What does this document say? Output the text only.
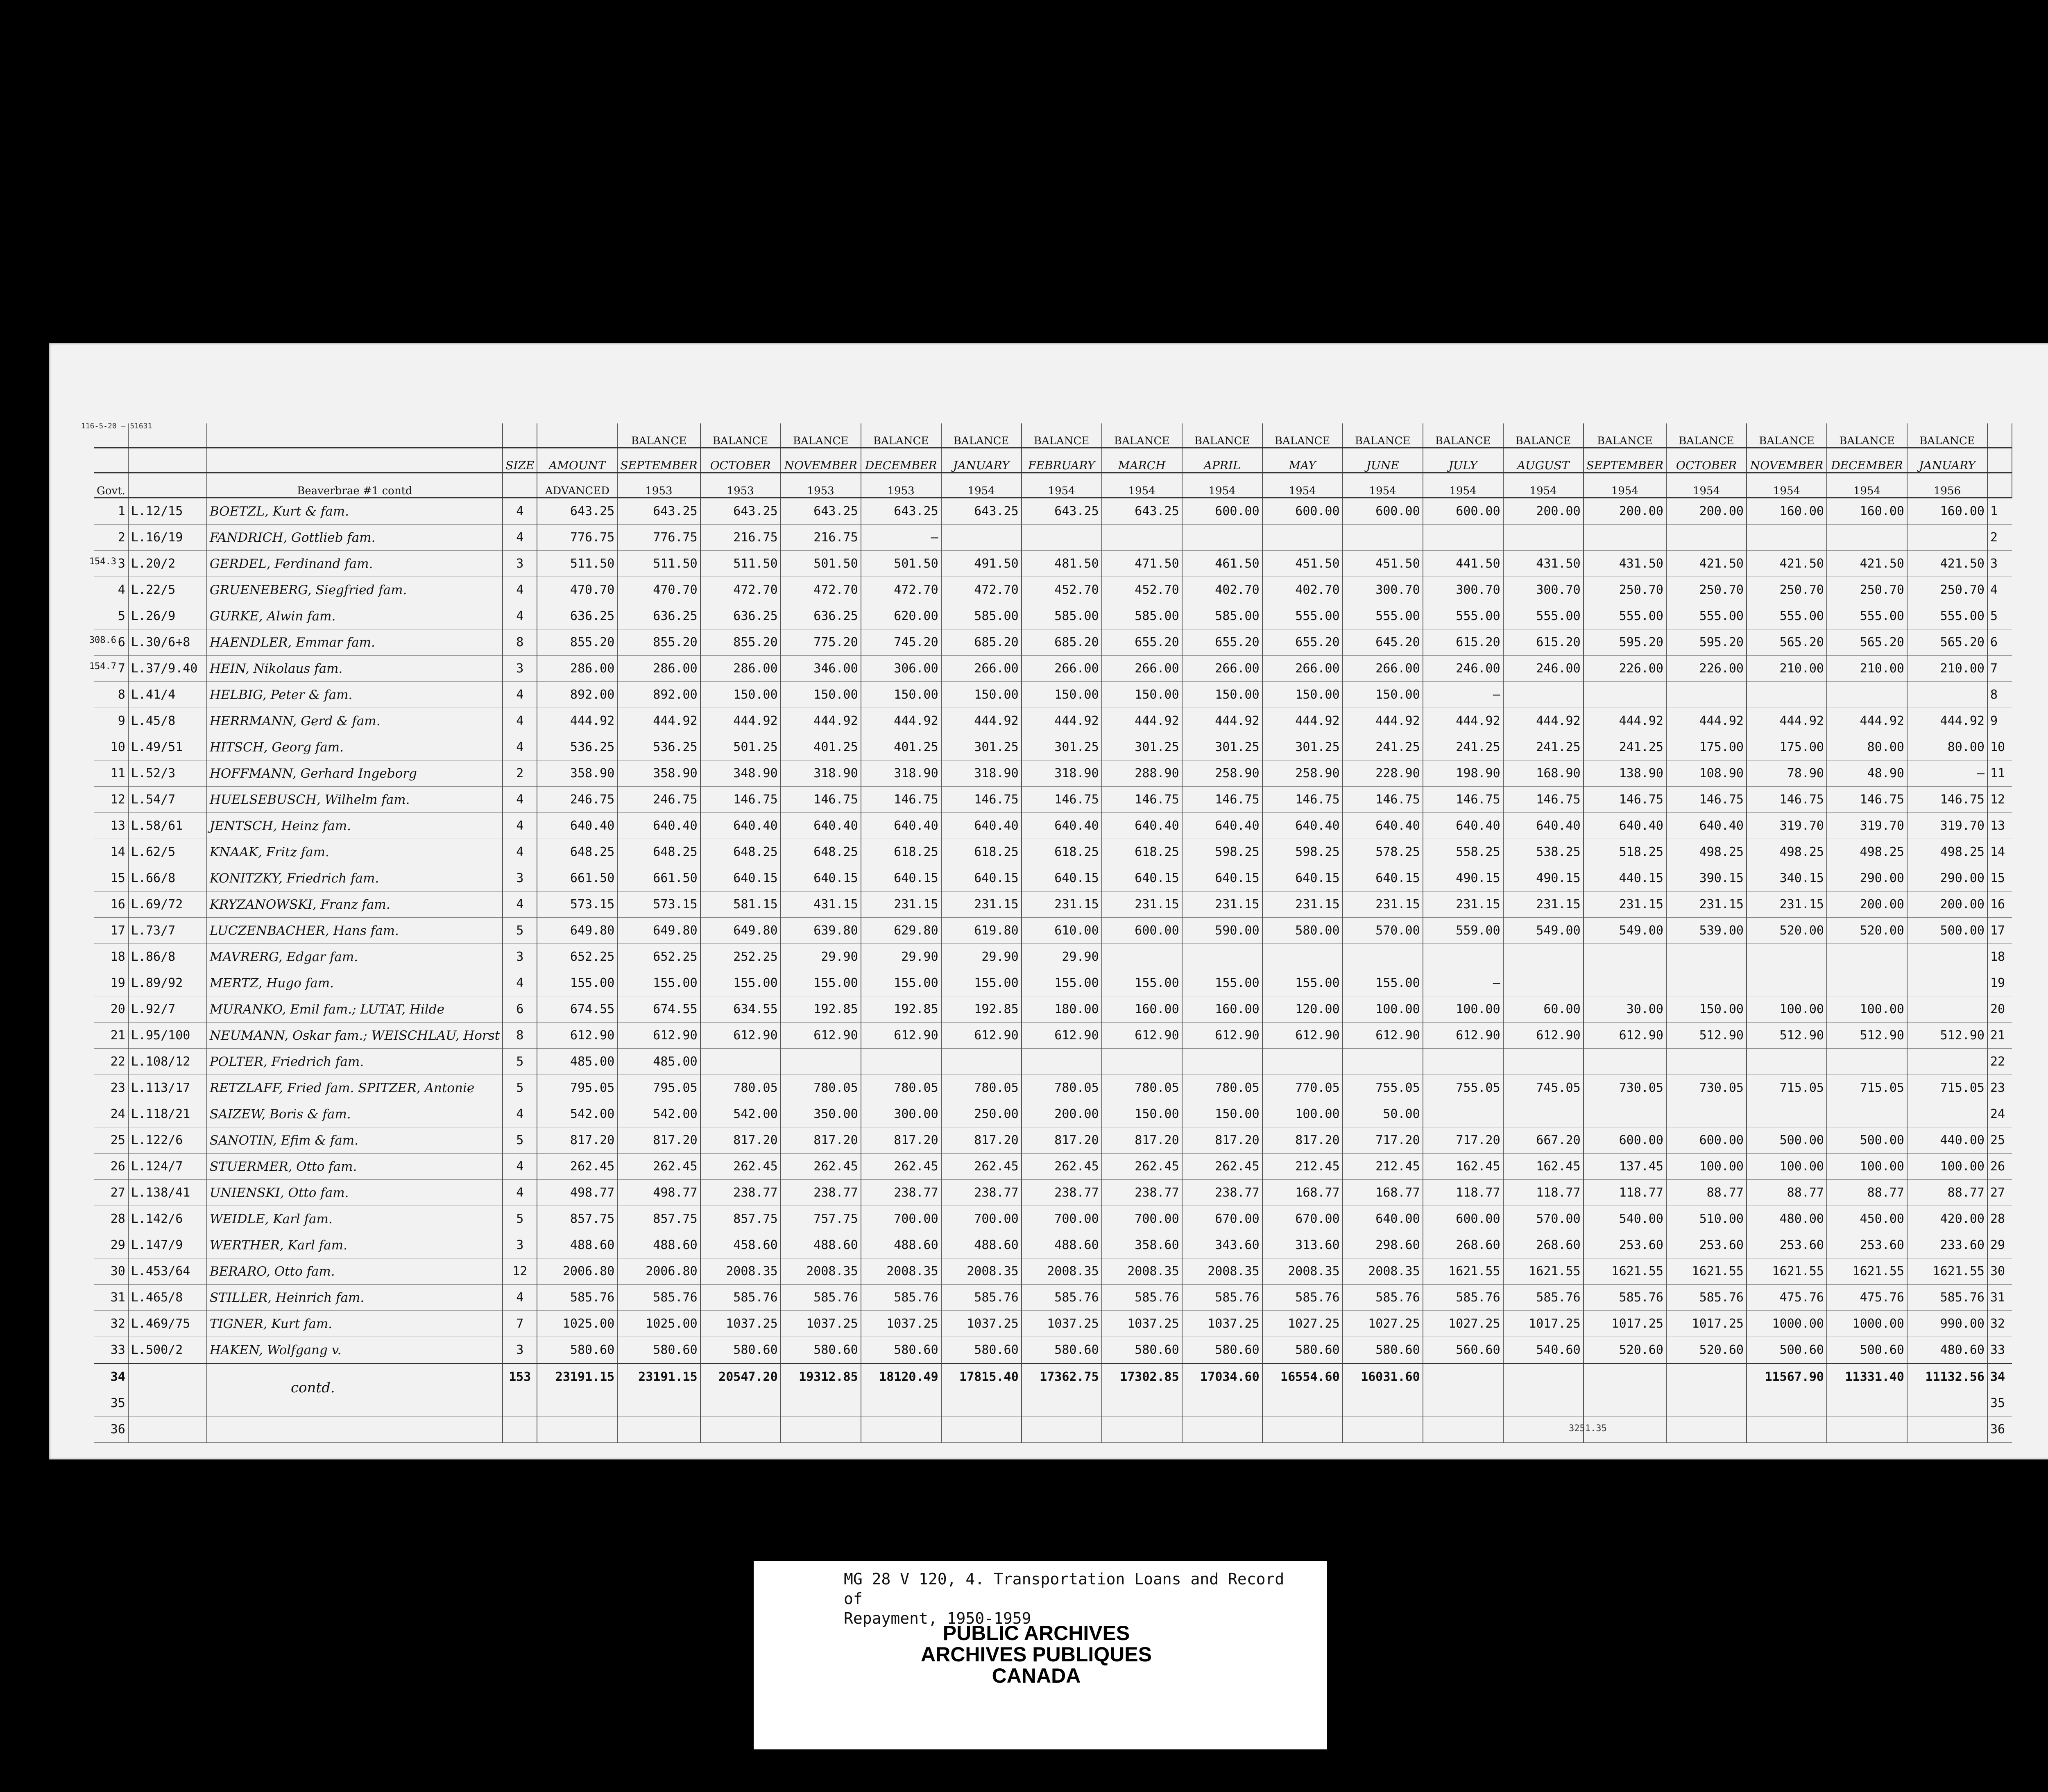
116-5-20 — 51631
					BALANCE	BALANCE	BALANCE	BALANCE	BALANCE	BALANCE	BALANCE	BALANCE	BALANCE	BALANCE	BALANCE	BALANCE	BALANCE	BALANCE	BALANCE	BALANCE	BALANCE	
			SIZE	AMOUNT	SEPTEMBER	OCTOBER	NOVEMBER	DECEMBER	JANUARY	FEBRUARY	MARCH	APRIL	MAY	JUNE	JULY	AUGUST	SEPTEMBER	OCTOBER	NOVEMBER	DECEMBER	JANUARY	
Govt.		Beaverbrae #1 contd		ADVANCED	1953	1953	1953	1953	1954	1954	1954	1954	1954	1954	1954	1954	1954	1954	1954	1954	1956	

1	L.12/15	BOETZL, Kurt & fam.	4	643.25	643.25	643.25	643.25	643.25	643.25	643.25	643.25	600.00	600.00	600.00	600.00	200.00	200.00	200.00	160.00	160.00	160.00	1

2	L.16/19	FANDRICH, Gottlieb fam.	4	776.75	776.75	216.75	216.75	—														2

154.3 3	L.20/2	GERDEL, Ferdinand fam.	3	511.50	511.50	511.50	501.50	501.50	491.50	481.50	471.50	461.50	451.50	451.50	441.50	431.50	431.50	421.50	421.50	421.50	421.50	3

4	L.22/5	GRUENEBERG, Siegfried fam.	4	470.70	470.70	472.70	472.70	472.70	472.70	452.70	452.70	402.70	402.70	300.70	300.70	300.70	250.70	250.70	250.70	250.70	250.70	4

5	L.26/9	GURKE, Alwin fam.	4	636.25	636.25	636.25	636.25	620.00	585.00	585.00	585.00	585.00	555.00	555.00	555.00	555.00	555.00	555.00	555.00	555.00	555.00	5

308.6 6	L.30/6+8	HAENDLER, Emmar fam.	8	855.20	855.20	855.20	775.20	745.20	685.20	685.20	655.20	655.20	655.20	645.20	615.20	615.20	595.20	595.20	565.20	565.20	565.20	6

154.7 7	L.37/9.40	HEIN, Nikolaus fam.	3	286.00	286.00	286.00	346.00	306.00	266.00	266.00	266.00	266.00	266.00	266.00	246.00	246.00	226.00	226.00	210.00	210.00	210.00	7

8	L.41/4	HELBIG, Peter & fam.	4	892.00	892.00	150.00	150.00	150.00	150.00	150.00	150.00	150.00	150.00	150.00	—							8

9	L.45/8	HERRMANN, Gerd & fam.	4	444.92	444.92	444.92	444.92	444.92	444.92	444.92	444.92	444.92	444.92	444.92	444.92	444.92	444.92	444.92	444.92	444.92	444.92	9

10	L.49/51	HITSCH, Georg fam.	4	536.25	536.25	501.25	401.25	401.25	301.25	301.25	301.25	301.25	301.25	241.25	241.25	241.25	241.25	175.00	175.00	80.00	80.00	10

11	L.52/3	HOFFMANN, Gerhard Ingeborg	2	358.90	358.90	348.90	318.90	318.90	318.90	318.90	288.90	258.90	258.90	228.90	198.90	168.90	138.90	108.90	78.90	48.90	—	11

12	L.54/7	HUELSEBUSCH, Wilhelm fam.	4	246.75	246.75	146.75	146.75	146.75	146.75	146.75	146.75	146.75	146.75	146.75	146.75	146.75	146.75	146.75	146.75	146.75	146.75	12

13	L.58/61	JENTSCH, Heinz fam.	4	640.40	640.40	640.40	640.40	640.40	640.40	640.40	640.40	640.40	640.40	640.40	640.40	640.40	640.40	640.40	319.70	319.70	319.70	13

14	L.62/5	KNAAK, Fritz fam.	4	648.25	648.25	648.25	648.25	618.25	618.25	618.25	618.25	598.25	598.25	578.25	558.25	538.25	518.25	498.25	498.25	498.25	498.25	14

15	L.66/8	KONITZKY, Friedrich fam.	3	661.50	661.50	640.15	640.15	640.15	640.15	640.15	640.15	640.15	640.15	640.15	490.15	490.15	440.15	390.15	340.15	290.00	290.00	15

16	L.69/72	KRYZANOWSKI, Franz fam.	4	573.15	573.15	581.15	431.15	231.15	231.15	231.15	231.15	231.15	231.15	231.15	231.15	231.15	231.15	231.15	231.15	200.00	200.00	16

17	L.73/7	LUCZENBACHER, Hans fam.	5	649.80	649.80	649.80	639.80	629.80	619.80	610.00	600.00	590.00	580.00	570.00	559.00	549.00	549.00	539.00	520.00	520.00	500.00	17

18	L.86/8	MAVRERG, Edgar fam.	3	652.25	652.25	252.25	29.90	29.90	29.90	29.90												18

19	L.89/92	MERTZ, Hugo fam.	4	155.00	155.00	155.00	155.00	155.00	155.00	155.00	155.00	155.00	155.00	155.00	—							19

20	L.92/7	MURANKO, Emil fam.; LUTAT, Hilde	6	674.55	674.55	634.55	192.85	192.85	192.85	180.00	160.00	160.00	120.00	100.00	100.00	60.00	30.00	150.00	100.00	100.00		20

21	L.95/100	NEUMANN, Oskar fam.; WEISCHLAU, Horst	8	612.90	612.90	612.90	612.90	612.90	612.90	612.90	612.90	612.90	612.90	612.90	612.90	612.90	612.90	512.90	512.90	512.90	512.90	21

22	L.108/12	POLTER, Friedrich fam.	5	485.00	485.00																	22

23	L.113/17	RETZLAFF, Fried fam. SPITZER, Antonie	5	795.05	795.05	780.05	780.05	780.05	780.05	780.05	780.05	780.05	770.05	755.05	755.05	745.05	730.05	730.05	715.05	715.05	715.05	23

24	L.118/21	SAIZEW, Boris & fam.	4	542.00	542.00	542.00	350.00	300.00	250.00	200.00	150.00	150.00	100.00	50.00								24

25	L.122/6	SANOTIN, Efim & fam.	5	817.20	817.20	817.20	817.20	817.20	817.20	817.20	817.20	817.20	817.20	717.20	717.20	667.20	600.00	600.00	500.00	500.00	440.00	25

26	L.124/7	STUERMER, Otto fam.	4	262.45	262.45	262.45	262.45	262.45	262.45	262.45	262.45	262.45	212.45	212.45	162.45	162.45	137.45	100.00	100.00	100.00	100.00	26

27	L.138/41	UNIENSKI, Otto fam.	4	498.77	498.77	238.77	238.77	238.77	238.77	238.77	238.77	238.77	168.77	168.77	118.77	118.77	118.77	88.77	88.77	88.77	88.77	27

28	L.142/6	WEIDLE, Karl fam.	5	857.75	857.75	857.75	757.75	700.00	700.00	700.00	700.00	670.00	670.00	640.00	600.00	570.00	540.00	510.00	480.00	450.00	420.00	28

29	L.147/9	WERTHER, Karl fam.	3	488.60	488.60	458.60	488.60	488.60	488.60	488.60	358.60	343.60	313.60	298.60	268.60	268.60	253.60	253.60	253.60	253.60	233.60	29

30	L.453/64	BERARO, Otto fam.	12	2006.80	2006.80	2008.35	2008.35	2008.35	2008.35	2008.35	2008.35	2008.35	2008.35	2008.35	1621.55	1621.55	1621.55	1621.55	1621.55	1621.55	1621.55	30

31	L.465/8	STILLER, Heinrich fam.	4	585.76	585.76	585.76	585.76	585.76	585.76	585.76	585.76	585.76	585.76	585.76	585.76	585.76	585.76	585.76	475.76	475.76	585.76	31

32	L.469/75	TIGNER, Kurt fam.	7	1025.00	1025.00	1037.25	1037.25	1037.25	1037.25	1037.25	1037.25	1037.25	1027.25	1027.25	1027.25	1017.25	1017.25	1017.25	1000.00	1000.00	990.00	32

33	L.500/2	HAKEN, Wolfgang v.	3	580.60	580.60	580.60	580.60	580.60	580.60	580.60	580.60	580.60	580.60	580.60	560.60	540.60	520.60	520.60	500.60	500.60	480.60	33

34			153	23191.15	23191.15	20547.20	19312.85	18120.49	17815.40	17362.75	17302.85	17034.60	16554.60	16031.60					11567.90	11331.40	11132.56	34

35																						35

36																						36
contd.
3251.35
MG 28 V 120, 4. Transportation Loans and Record of
Repayment, 1950-1959
PUBLIC ARCHIVES
ARCHIVES PUBLIQUES
CANADA
